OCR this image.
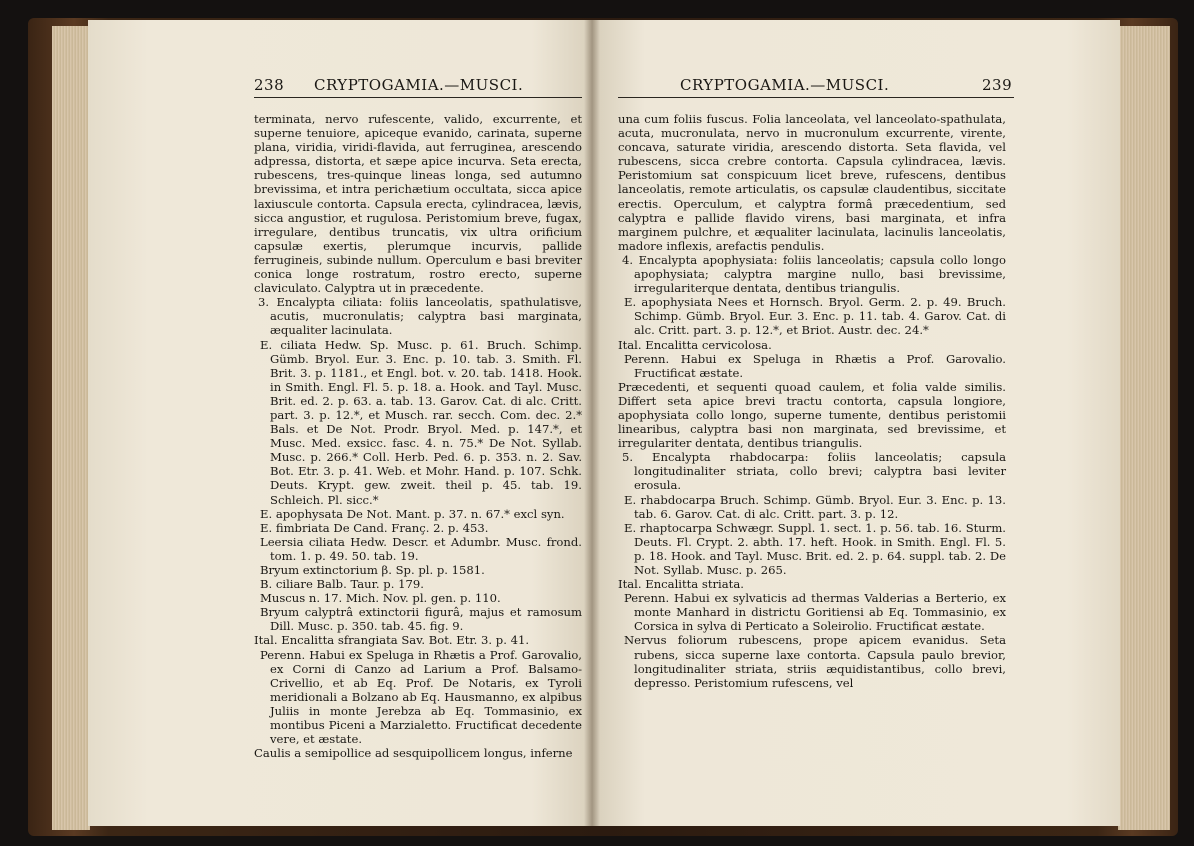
238 CRYPTOGAMIA.—MUSCI.

terminata, nervo rufescente, valido, excurrente, et superne tenuiore, apiceque evanido, carinata, superne plana, viridia, viridi-flavida, aut ferruginea, arescendo adpressa, distorta, et sæpe apice incurva. Seta erecta, rubescens, tres-quinque lineas longa, sed autumno brevissima, et intra perichætium occultata, sicca apice laxiuscule contorta. Capsula erecta, cylindracea, lævis, sicca angustior, et rugulosa. Peristomium breve, fugax, irregulare, dentibus truncatis, vix ultra orificium capsulæ exertis, plerumque incurvis, pallide ferrugineis, subinde nullum. Operculum e basi breviter conica longe rostratum, rostro erecto, superne claviculato. Calyptra ut in præcedente.

3. Encalypta ciliata: foliis lanceolatis, spathulatisve, acutis, mucronulatis; calyptra basi marginata, æqualiter lacinulata.

E. ciliata Hedw. Sp. Musc. p. 61. Bruch. Schimp. Gümb. Bryol. Eur. 3. Enc. p. 10. tab. 3. Smith. Fl. Brit. 3. p. 1181., et Engl. bot. v. 20. tab. 1418. Hook. in Smith. Engl. Fl. 5. p. 18. a. Hook. and Tayl. Musc. Brit. ed. 2. p. 63. a. tab. 13. Garov. Cat. di alc. Critt. part. 3. p. 12.*, et Musch. rar. secch. Com. dec. 2.* Bals. et De Not. Prodr. Bryol. Med. p. 147.*, et Musc. Med. exsicc. fasc. 4. n. 75.* De Not. Syllab. Musc. p. 266.* Coll. Herb. Ped. 6. p. 353. n. 2. Sav. Bot. Etr. 3. p. 41. Web. et Mohr. Hand. p. 107. Schk. Deuts. Krypt. gew. zweit. theil p. 45. tab. 19. Schleich. Pl. sicc.*

E. apophysata De Not. Mant. p. 37. n. 67.* excl syn.

E. fimbriata De Cand. Franç. 2. p. 453.

Leersia ciliata Hedw. Descr. et Adumbr. Musc. frond. tom. 1. p. 49. 50. tab. 19.

Bryum extinctorium β. Sp. pl. p. 1581.

B. ciliare Balb. Taur. p. 179.

Muscus n. 17. Mich. Nov. pl. gen. p. 110.

Bryum calyptrâ extinctorii figurâ, majus et ramosum Dill. Musc. p. 350. tab. 45. fig. 9.

Ital. Encalitta sfrangiata Sav. Bot. Etr. 3. p. 41.

Perenn. Habui ex Speluga in Rhætis a Prof. Garovalio, ex Corni di Canzo ad Larium a Prof. Balsamo-Crivellio, et ab Eq. Prof. De Notaris, ex Tyroli meridionali a Bolzano ab Eq. Hausmanno, ex alpibus Juliis in monte Jerebza ab Eq. Tommasinio, ex montibus Piceni a Marzialetto. Fructificat decedente vere, et æstate.

Caulis a semipollice ad sesquipollicem longus, inferne

CRYPTOGAMIA.—MUSCI.	239

una cum foliis fuscus. Folia lanceolata, vel lanceolato-spathulata, acuta, mucronulata, nervo in mucronulum excurrente, virente, concava, saturate viridia, arescendo distorta. Seta flavida, vel rubescens, sicca crebre contorta. Capsula cylindracea, lævis. Peristomium sat conspicuum licet breve, rufescens, dentibus lanceolatis, remote articulatis, os capsulæ claudentibus, siccitate erectis. Operculum, et calyptra formâ præcedentium, sed calyptra e pallide flavido virens, basi marginata, et infra marginem pulchre, et æqualiter lacinulata, lacinulis lanceolatis, madore inflexis, arefactis pendulis.

4. Encalypta apophysiata: foliis lanceolatis; capsula collo longo apophysiata; calyptra margine nullo, basi brevissime, irregulariterque dentata, dentibus triangulis.

E. apophysiata Nees et Hornsch. Bryol. Germ. 2. p. 49. Bruch. Schimp. Gümb. Bryol. Eur. 3. Enc. p. 11. tab. 4. Garov. Cat. di alc. Critt. part. 3. p. 12.*, et Briot. Austr. dec. 24.*

Ital. Encalitta cervicolosa.

Perenn. Habui ex Speluga in Rhætis a Prof. Garovalio. Fructificat æstate.

Præcedenti, et sequenti quoad caulem, et folia valde similis. Differt seta apice brevi tractu contorta, capsula longiore, apophysiata collo longo, superne tumente, dentibus peristomii linearibus, calyptra basi non marginata, sed brevissime, et irregulariter dentata, dentibus triangulis.

5. Encalypta rhabdocarpa: foliis lanceolatis; capsula longitudinaliter striata, collo brevi; calyptra basi leviter erosula.

E. rhabdocarpa Bruch. Schimp. Gümb. Bryol. Eur. 3. Enc. p. 13. tab. 6. Garov. Cat. di alc. Critt. part. 3. p. 12.

E. rhaptocarpa Schwægr. Suppl. 1. sect. 1. p. 56. tab. 16. Sturm. Deuts. Fl. Crypt. 2. abth. 17. heft. Hook. in Smith. Engl. Fl. 5. p. 18. Hook. and Tayl. Musc. Brit. ed. 2. p. 64. suppl. tab. 2. De Not. Syllab. Musc. p. 265.

Ital. Encalitta striata.

Perenn. Habui ex sylvaticis ad thermas Valderias a Berterio, ex monte Manhard in districtu Goritiensi ab Eq. Tommasinio, ex Corsica in sylva di Perticato a Soleirolio. Fructificat æstate.

Nervus foliorum rubescens, prope apicem evanidus. Seta rubens, sicca superne laxe contorta. Capsula paulo brevior, longitudinaliter striata, striis æquidistantibus, collo brevi, depresso. Peristomium rufescens, vel
